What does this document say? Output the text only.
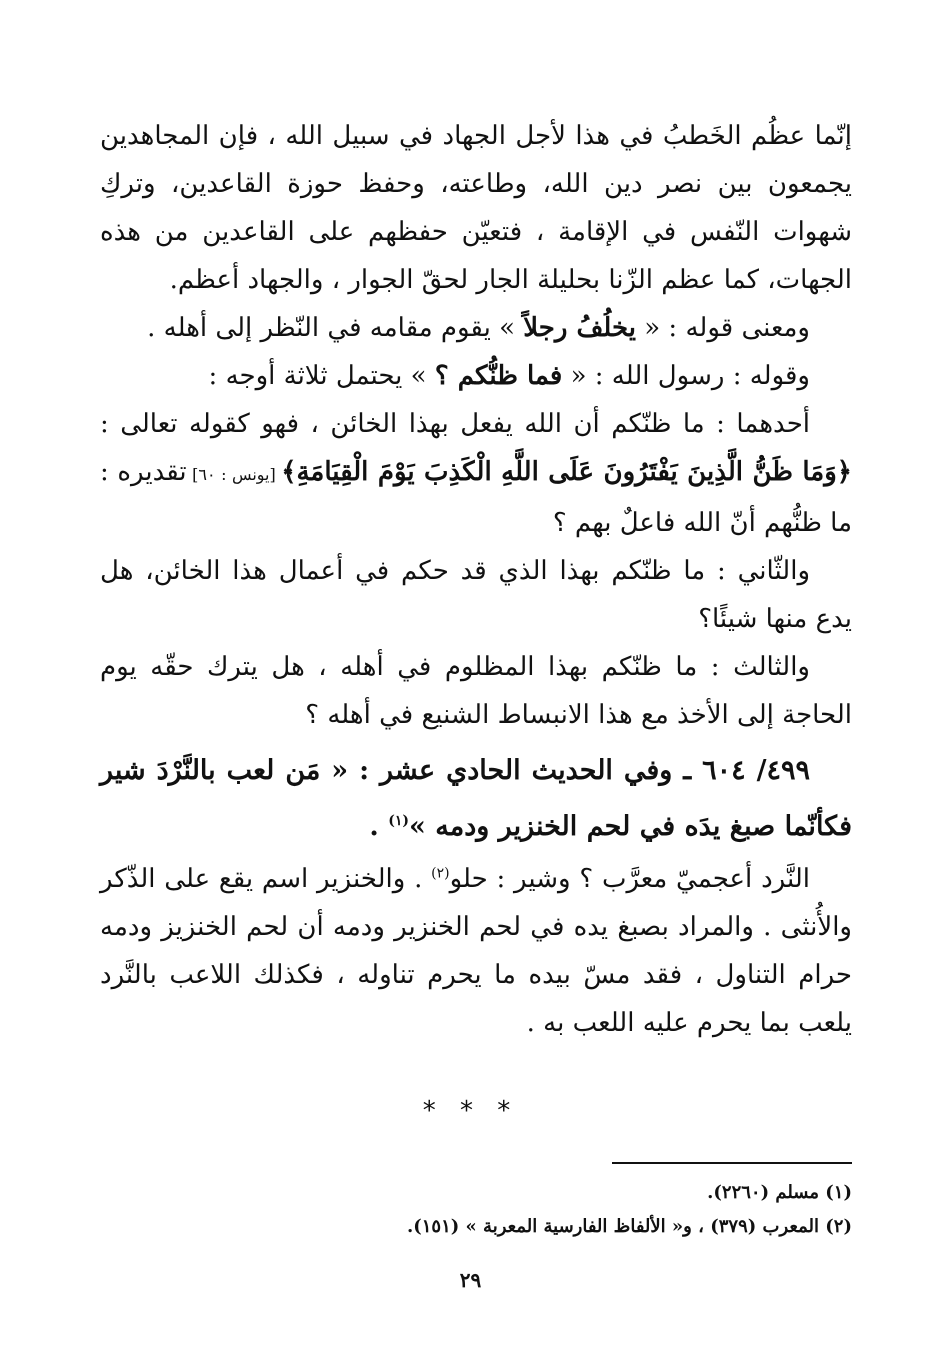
إنّما عظُم الخَطبُ في هذا لأجل الجهاد في سبيل الله ، فإن المجاهدين يجمعون بين نصر دين الله، وطاعته، وحفظ حوزة القاعدين، وتركِ شهوات النّفس في الإقامة ، فتعيّن حفظهم على القاعدين من هذه الجهات، كما عظم الزّنا بحليلة الجار لحقّ الجوار ، والجهاد أعظم.

ومعنى قوله : « يخلُفُ رجلاً » يقوم مقامه في النّظر إلى أهله .

وقوله : رسول الله : « فما ظنُّكم ؟ » يحتمل ثلاثة أوجه :

أحدهما : ما ظنّكم أن الله يفعل بهذا الخائن ، فهو كقوله تعالى : ﴿وَمَا ظَنُّ الَّذِينَ يَفْتَرُونَ عَلَى اللَّهِ الْكَذِبَ يَوْمَ الْقِيَامَةِ﴾ [يونس : ٦٠] تقديره : ما ظنُّهم أنّ الله فاعلٌ بهم ؟

والثّاني : ما ظنّكم بهذا الذي قد حكم في أعمال هذا الخائن، هل يدع منها شيئًا؟

والثالث : ما ظنّكم بهذا المظلوم في أهله ، هل يترك حقّه يوم الحاجة إلى الأخذ مع هذا الانبساط الشنيع في أهله ؟

٤٩٩/ ٦٠٤ ـ وفي الحديث الحادي عشر : « مَن لعب بالنَّرْدَ شير فكأنّما صبغ يدَه في لحم الخنزير ودمه »$^{(١)}$ .

النَّرد أعجميّ معرَّب ؟ وشير : حلو$^{(٢)}$ . والخنزير اسم يقع على الذّكر والأُنثى . والمراد بصبغ يده في لحم الخنزير ودمه أن لحم الخنزيز ودمه حرام التناول ، فقد مسّ بيده ما يحرم تناوله ، فكذلك اللاعب بالنَّرد يلعب بما يحرم عليه اللعب به .

* * *

(١) مسلم (٢٢٦٠).

(٢) المعرب (٣٧٩) ، و« الألفاظ الفارسية المعربة » (١٥١).

٢٩
